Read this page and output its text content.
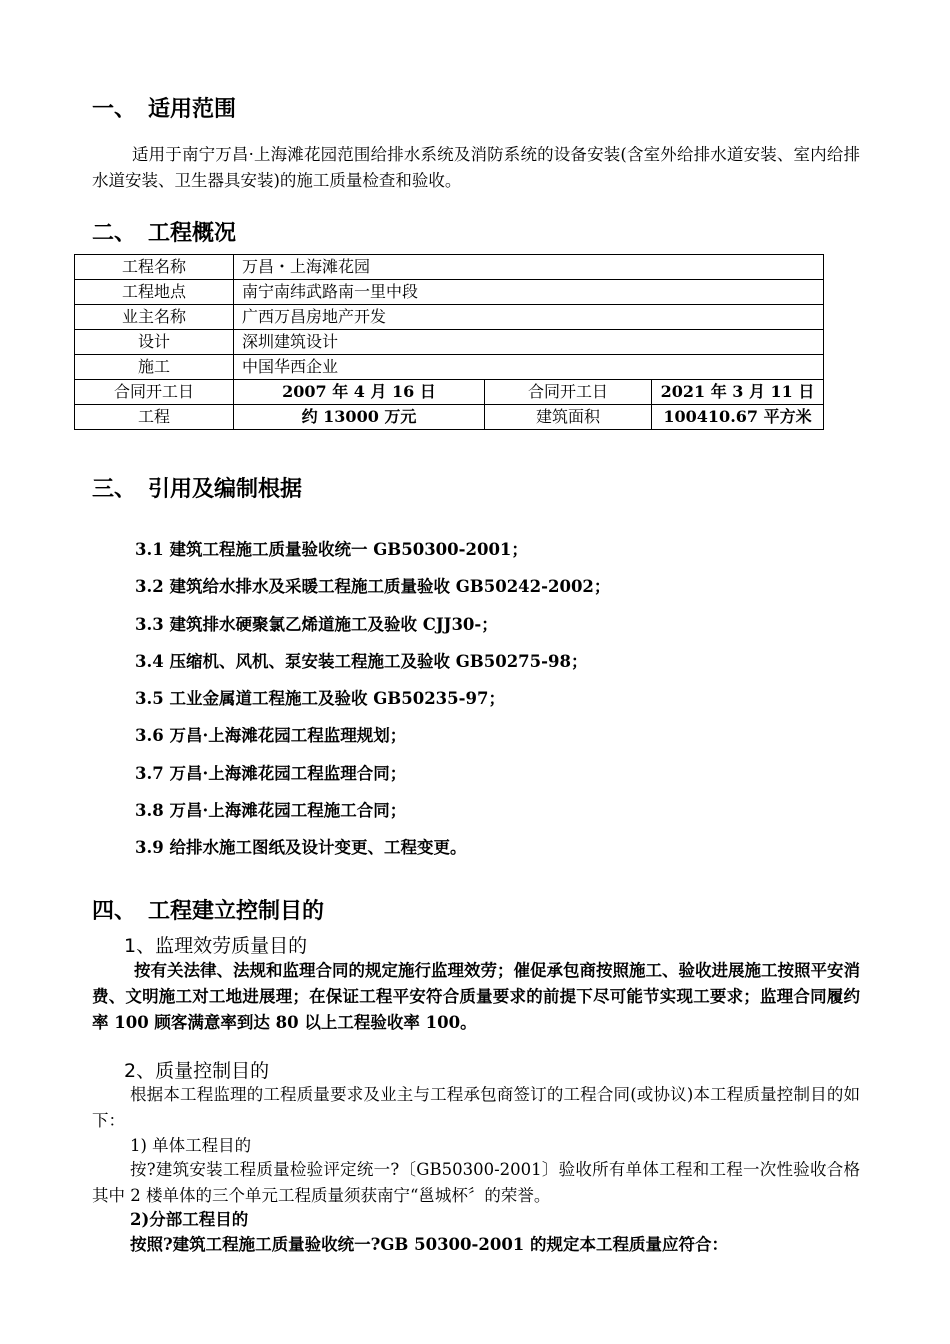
一、 适用范围
适用于南宁万昌·上海滩花园范围给排水系统及消防系统的设备安装(含室外给排水道安装、室内给排水道安装、卫生器具安装)的施工质量检查和验收。
二、 工程概况
工程名称	万昌・上海滩花园		
工程地点	南宁南纬武路南一里中段		
业主名称	广西万昌房地产开发		
设计	深圳建筑设计		
施工	中国华西企业		
合同开工日	2007 年 4 月 16 日	合同开工日	2021 年 3 月 11 日
工程	约 13000 万元	建筑面积	100410.67 平方米
三、 引用及编制根据
3.1 建筑工程施工质量验收统一 GB50300-2001；
3.2 建筑给水排水及采暖工程施工质量验收 GB50242-2002；
3.3 建筑排水硬聚氯乙烯道施工及验收 CJJ30-；
3.4 压缩机、风机、泵安装工程施工及验收 GB50275-98；
3.5 工业金属道工程施工及验收 GB50235-97；
3.6 万昌·上海滩花园工程监理规划；
3.7 万昌·上海滩花园工程监理合同；
3.8 万昌·上海滩花园工程施工合同；
3.9 给排水施工图纸及设计变更、工程变更。
四、 工程建立控制目的
1、监理效劳质量目的
按有关法律、法规和监理合同的规定施行监理效劳；催促承包商按照施工、验收进展施工按照平安消费、文明施工对工地进展理；在保证工程平安符合质量要求的前提下尽可能节实现工要求；监理合同履约率 100 顾客满意率到达 80 以上工程验收率 100。
2、质量控制目的
根据本工程监理的工程质量要求及业主与工程承包商签订的工程合同(或协议)本工程质量控制目的如下：
1) 单体工程目的
按?建筑安装工程质量检验评定统一?〔GB50300-2001〕验收所有单体工程和工程一次性验收合格其中 2 楼单体的三个单元工程质量须获南宁“邕城杯〞的荣誉。
2)分部工程目的
按照?建筑工程施工质量验收统一?GB 50300-2001 的规定本工程质量应符合：
